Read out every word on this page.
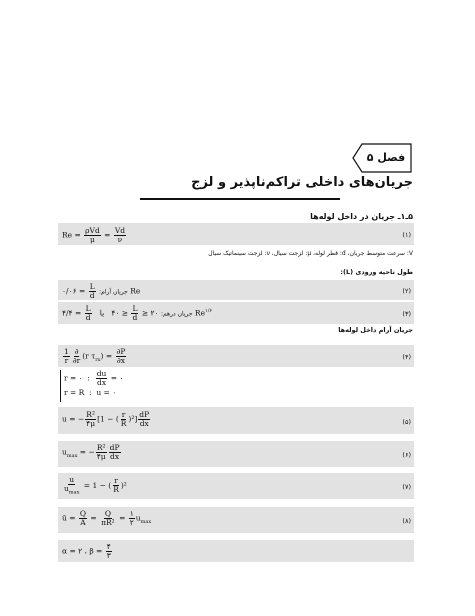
فصل ۵
جریان‌های داخلی تراکم‌ناپذیر و لزج
۵ـ۱ـ جریان در داخل لوله‌ها
$Re = \frac{\text{ρVd}}{\mu} = \frac{Vd}{\nu}$	(۱)
V: سرعت متوسط جریان، d: قطر لوله، μ: لزجت سیال، ν: لزجت سینماتیک سیال
طول ناحیه ورودی (L):
جریان آرام:
$\frac{L}{d}$
= ۰/۰۶ Re	(۲)
جریان درهم: ۲۰ ≤
$\frac{L}{d}$
≤ ۴۰   یا
$\frac{L}{d}$
= ۴/۴ $Re^{۱/۶}$	(۳)
جریان آرام داخل لوله‌ها
$\frac{1}{r} \frac{\partial}{\partial r} (r$ $\tau_{rx}) = \frac{\partial P}{\partial x}$	(۴)
r = ۰  : $\frac{du}{dx}$ = ۰
r = R  :  u = ۰
u = − $\frac{\text{R²}}{۴\mu} [1$ − ( $\frac{r}{R} )^2] \frac{dP}{dx}$	(۵)
$u_{max}$ = − $\frac{\text{R²}}{۴\mu} \frac{dP}{dx}$	(۶)
$\frac{u}{u_{max}} = 1$ − ( $\frac{r}{R} )^2$	(۷)
ū = $\frac{Q}{A} = \frac{Q}{\text{πR²}} = \frac{۱}{۲} u_{max}$	(۸)
α = ۲ ، $\beta = \frac{۴}{۳}$
